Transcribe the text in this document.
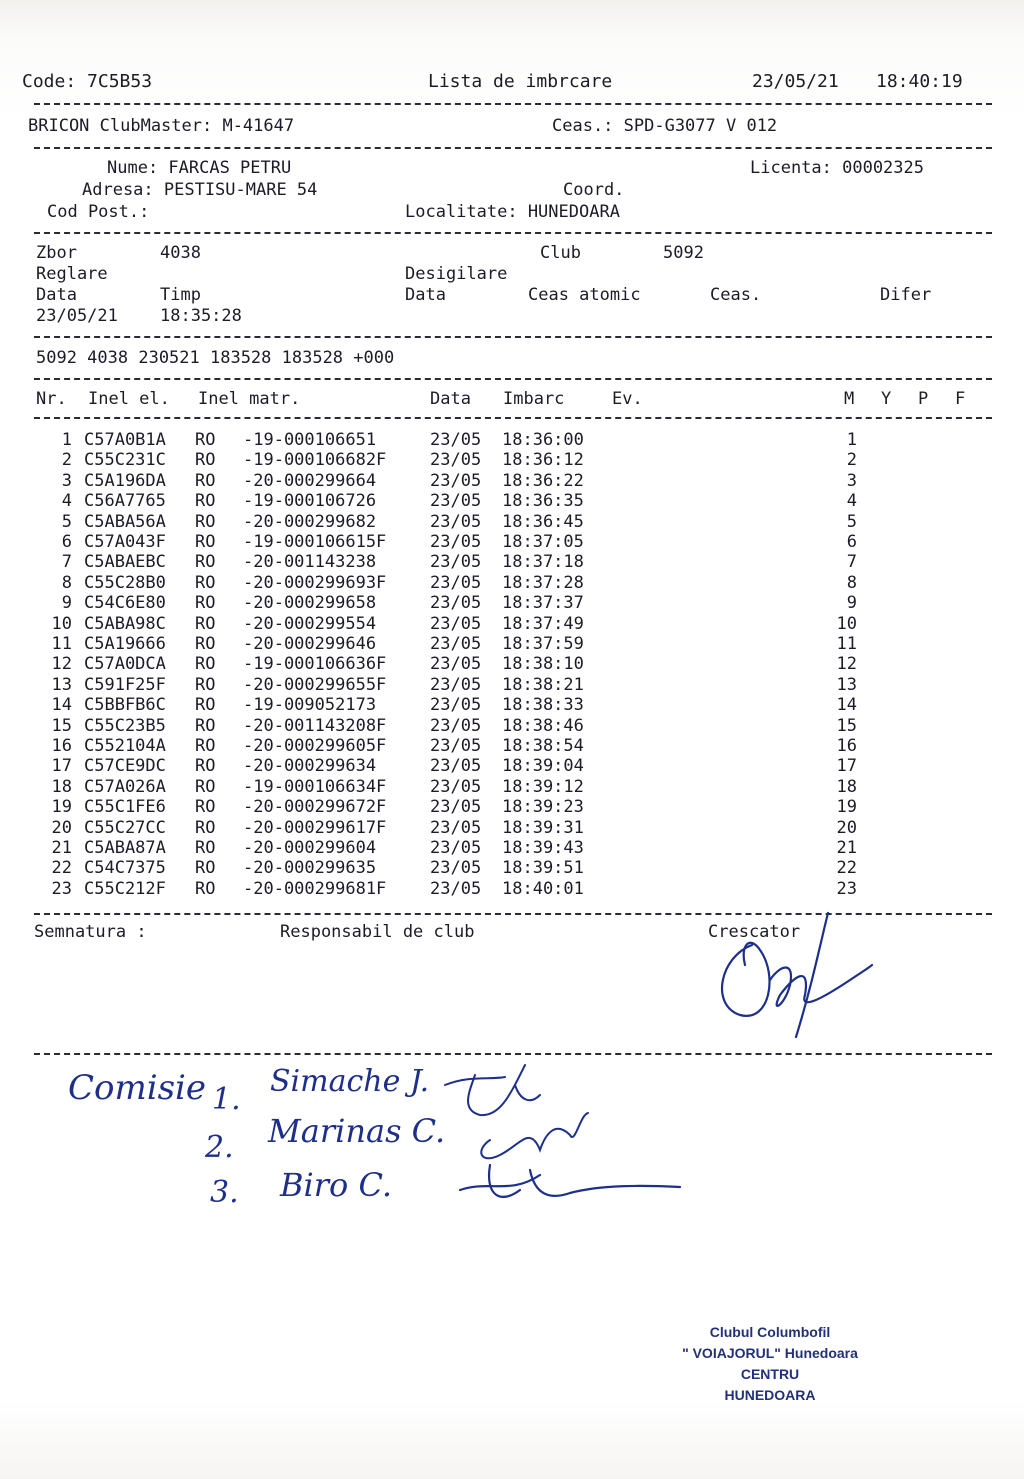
Code: 7C5B53	Lista de imbrcare	23/05/21 18:40:19
BRICON ClubMaster: M-41647	Ceas.: SPD-G3077 V 012
Nume: FARCAS PETRU	Licenta: 00002325
Adresa: PESTISU-MARE 54	Coord.
Cod Post.:	Localitate: HUNEDOARA
Zbor	4038	Club	5092
Reglare	Desigilare
Data	Timp	Data	Ceas atomic	Ceas.	Difer
23/05/21 18:35:28
5092 4038 230521 183528 183528 +000
Nr. Inel el. Inel matr.	Data Imbarc	Ev.	M Y P F
1 C57A0B1A RO -19-000106651	23/05 18:36:00	1
2 C55C231C RO -19-000106682F	23/05 18:36:12	2
3 C5A196DA RO -20-000299664	23/05 18:36:22	3
4 C56A7765 RO -19-000106726	23/05 18:36:35	4
5 C5ABA56A RO -20-000299682	23/05 18:36:45	5
6 C57A043F RO -19-000106615F	23/05 18:37:05	6
7 C5ABAEBC RO -20-001143238	23/05 18:37:18	7
8 C55C28B0 RO -20-000299693F	23/05 18:37:28	8
9 C54C6E80 RO -20-000299658	23/05 18:37:37	9
10 C5ABA98C RO -20-000299554	23/05 18:37:49	10
11 C5A19666 RO -20-000299646	23/05 18:37:59	11
12 C57A0DCA RO -19-000106636F	23/05 18:38:10	12
13 C591F25F RO -20-000299655F	23/05 18:38:21	13
14 C5BBFB6C RO -19-009052173	23/05 18:38:33	14
15 C55C23B5 RO -20-001143208F	23/05 18:38:46	15
16 C552104A RO -20-000299605F	23/05 18:38:54	16
17 C57CE9DC RO -20-000299634	23/05 18:39:04	17
18 C57A026A RO -19-000106634F	23/05 18:39:12	18
19 C55C1FE6 RO -20-000299672F	23/05 18:39:23	19
20 C55C27CC RO -20-000299617F	23/05 18:39:31	20
21 C5ABA87A RO -20-000299604	23/05 18:39:43	21
22 C54C7375 RO -20-000299635	23/05 18:39:51	22
23 C55C212F RO -20-000299681F	23/05 18:40:01	23
Semnatura :	Responsabil de club	Crescator
Comisie 1.
Simache J.
2. Marinas C.
3. Biro C.
Clubul Columbofil
" VOIAJORUL" Hunedoara
CENTRU
HUNEDOARA
